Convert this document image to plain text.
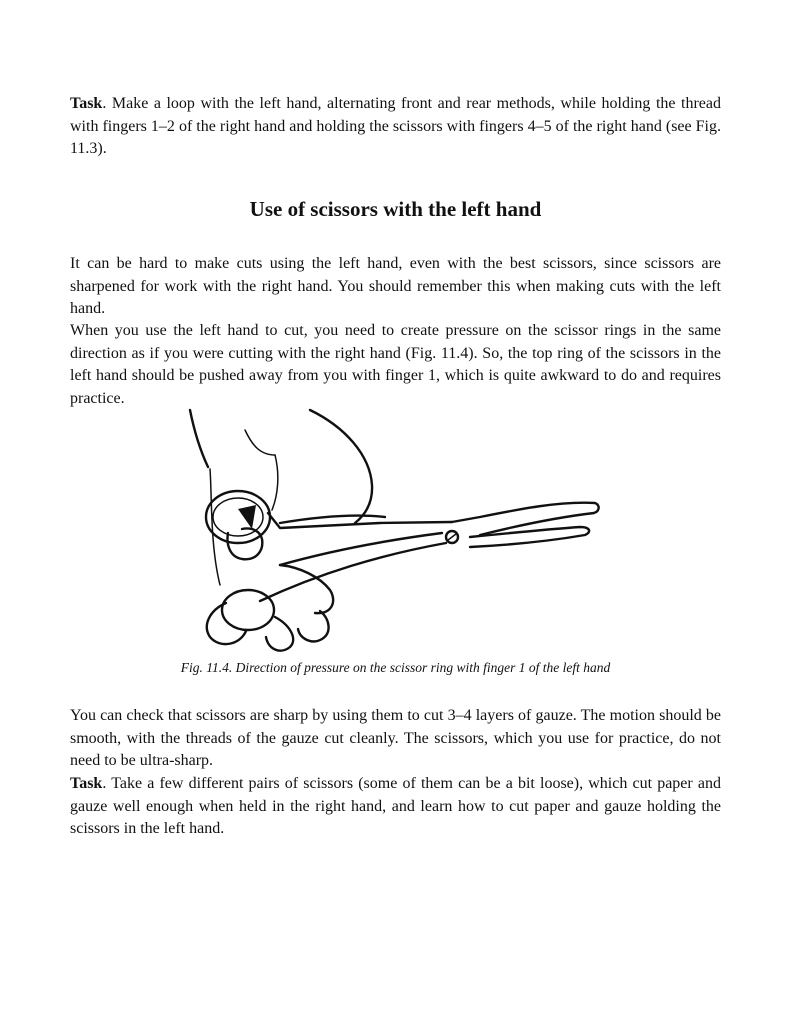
Task. Make a loop with the left hand, alternating front and rear methods, while holding the thread with fingers 1–2 of the right hand and holding the scissors with fingers 4–5 of the right hand (see Fig. 11.3).

Use of scissors with the left hand

It can be hard to make cuts using the left hand, even with the best scissors, since scissors are sharpened for work with the right hand. You should remember this when making cuts with the left hand.

When you use the left hand to cut, you need to create pressure on the scissor rings in the same direction as if you were cutting with the right hand (Fig. 11.4). So, the top ring of the scissors in the left hand should be pushed away from you with finger 1, which is quite awkward to do and requires practice.

Fig. 11.4. Direction of pressure on the scissor ring with finger 1 of the left hand

You can check that scissors are sharp by using them to cut 3–4 layers of gauze. The motion should be smooth, with the threads of the gauze cut cleanly. The scissors, which you use for practice, do not need to be ultra-sharp.

Task. Take a few different pairs of scissors (some of them can be a bit loose), which cut paper and gauze well enough when held in the right hand, and learn how to cut paper and gauze holding the scissors in the left hand.
